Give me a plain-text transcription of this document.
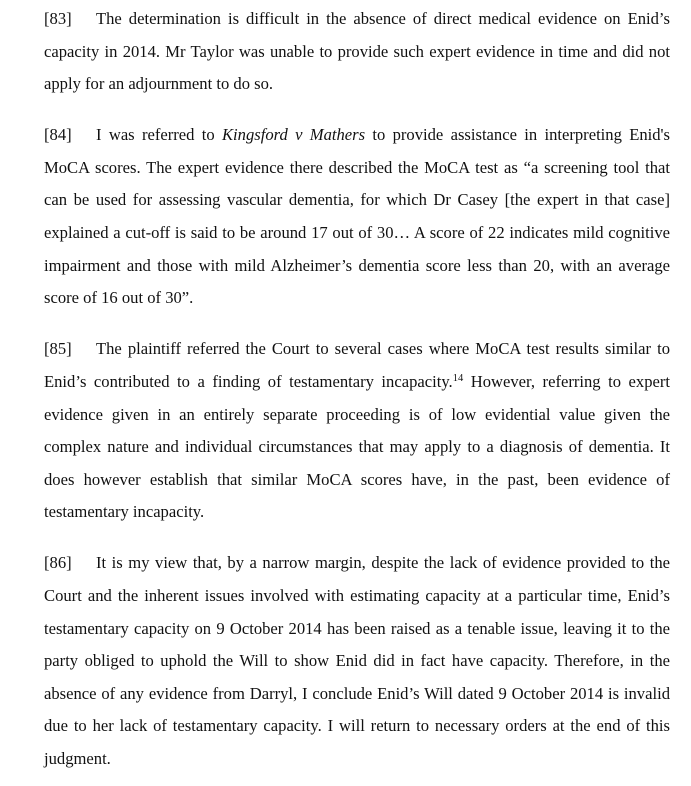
[83] The determination is difficult in the absence of direct medical evidence on Enid’s capacity in 2014. Mr Taylor was unable to provide such expert evidence in time and did not apply for an adjournment to do so.

[84] I was referred to Kingsford v Mathers to provide assistance in interpreting Enid's MoCA scores. The expert evidence there described the MoCA test as “a screening tool that can be used for assessing vascular dementia, for which Dr Casey [the expert in that case] explained a cut-off is said to be around 17 out of 30… A score of 22 indicates mild cognitive impairment and those with mild Alzheimer’s dementia score less than 20, with an average score of 16 out of 30”.

[85] The plaintiff referred the Court to several cases where MoCA test results similar to Enid’s contributed to a finding of testamentary incapacity.$^{14}$ However, referring to expert evidence given in an entirely separate proceeding is of low evidential value given the complex nature and individual circumstances that may apply to a diagnosis of dementia. It does however establish that similar MoCA scores have, in the past, been evidence of testamentary incapacity.

[86] It is my view that, by a narrow margin, despite the lack of evidence provided to the Court and the inherent issues involved with estimating capacity at a particular time, Enid’s testamentary capacity on 9 October 2014 has been raised as a tenable issue, leaving it to the party obliged to uphold the Will to show Enid did in fact have capacity. Therefore, in the absence of any evidence from Darryl, I conclude Enid’s Will dated 9 October 2014 is invalid due to her lack of testamentary capacity. I will return to necessary orders at the end of this judgment.
